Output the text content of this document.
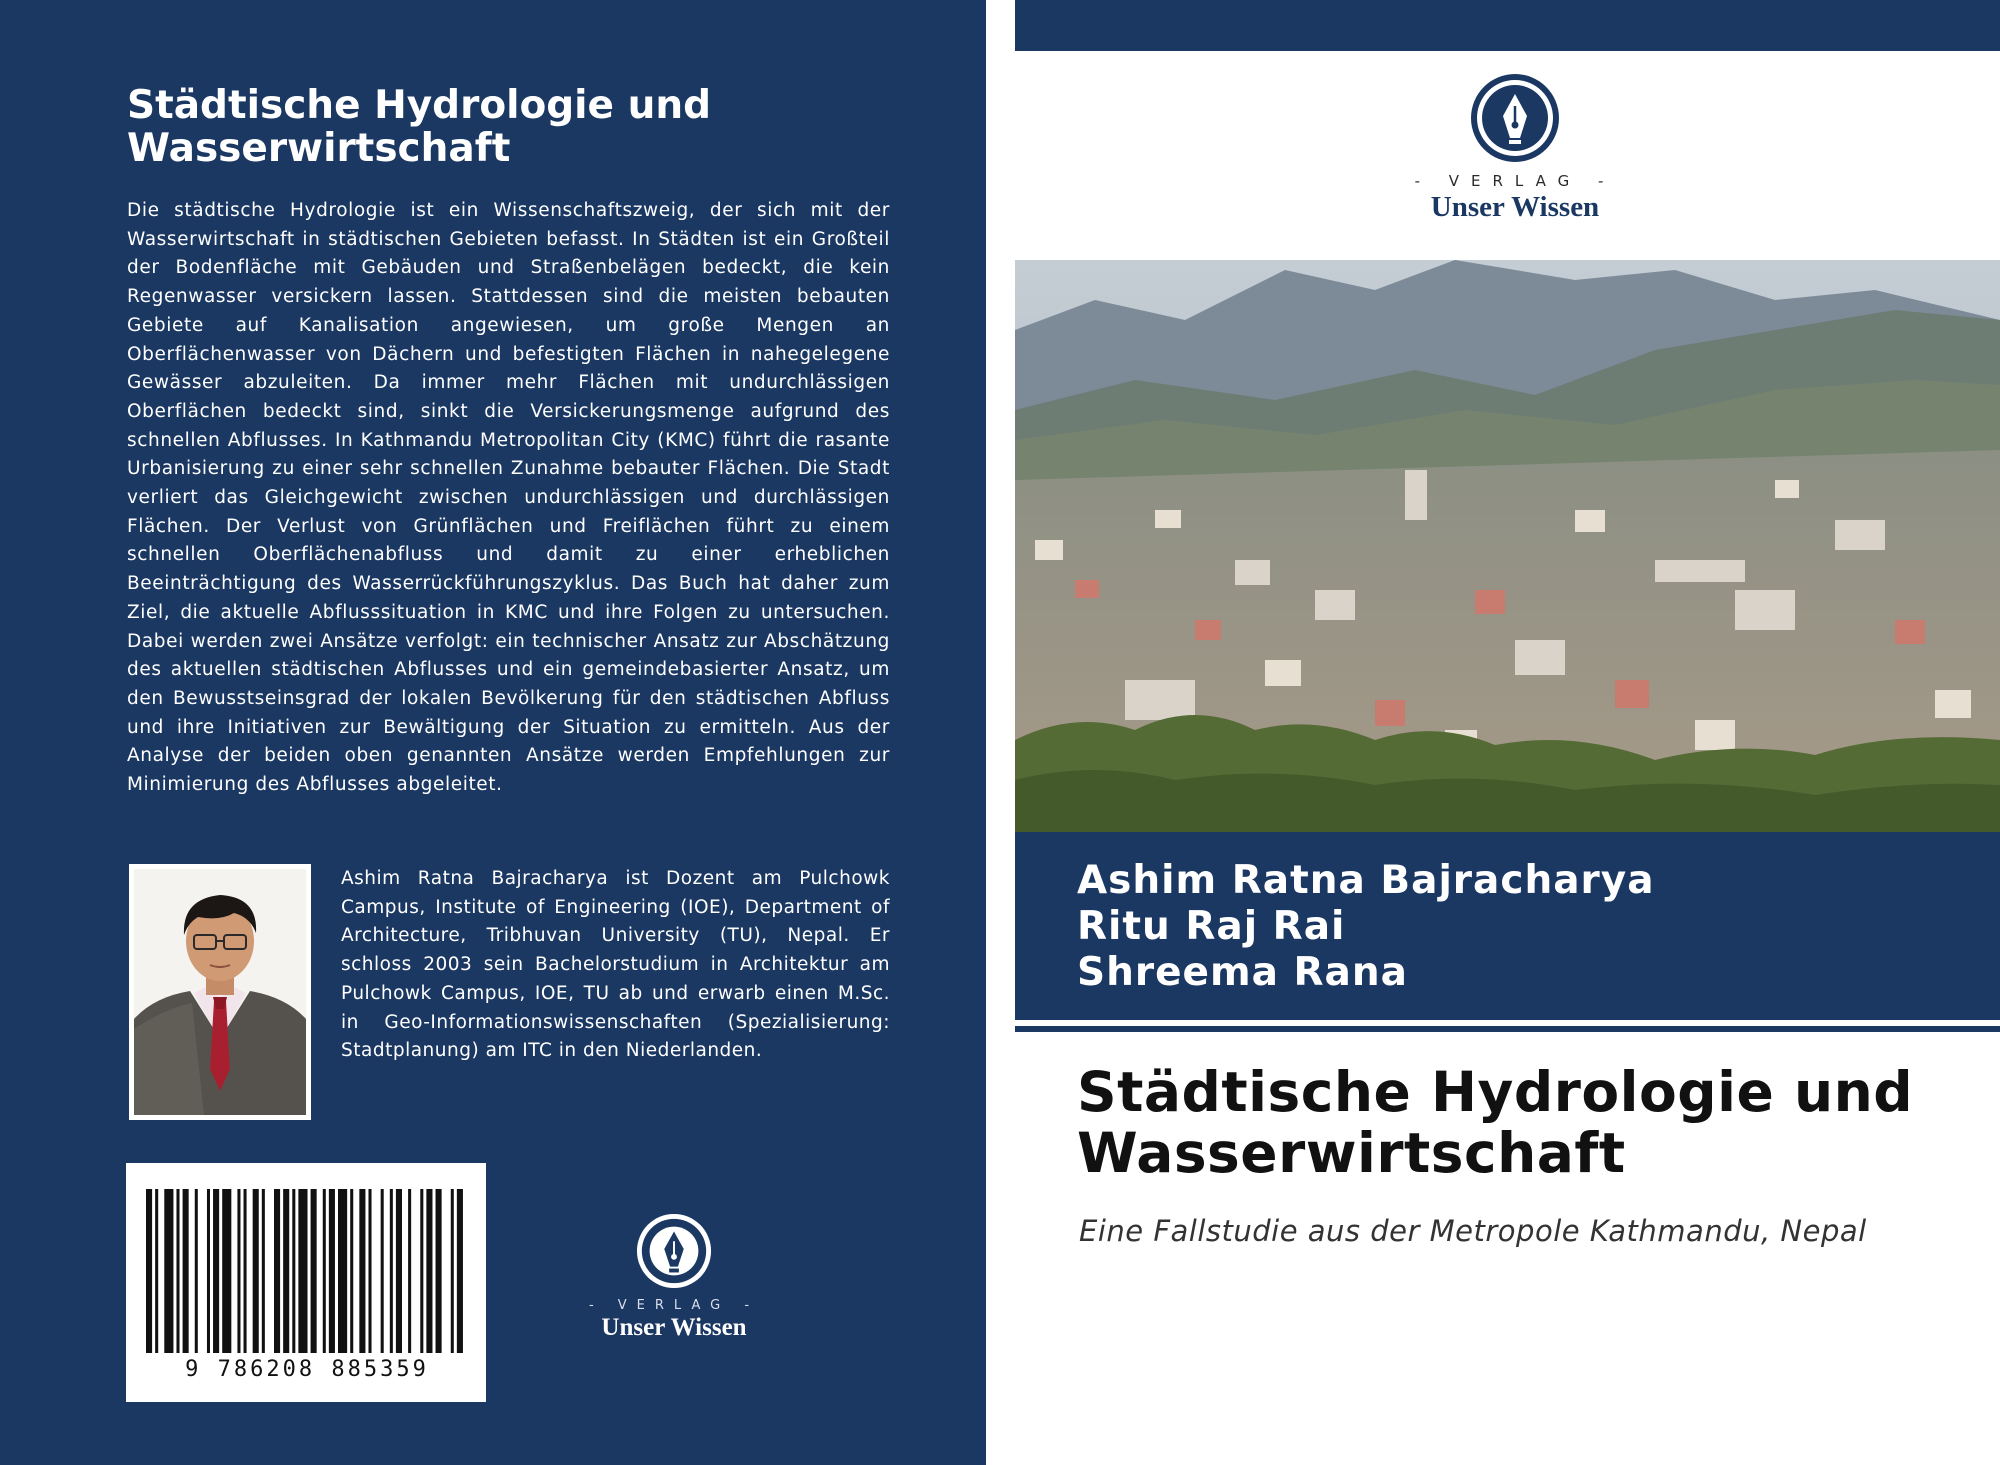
Städtische Hydrologie und Wasserwirtschaft

Die städtische Hydrologie ist ein Wissenschaftszweig, der sich mit der Wasserwirtschaft in städtischen Gebieten befasst. In Städten ist ein Großteil der Bodenfläche mit Gebäuden und Straßenbelägen bedeckt, die kein Regenwasser versickern lassen. Stattdessen sind die meisten bebauten Gebiete auf Kanalisation angewiesen, um große Mengen an Oberflächenwasser von Dächern und befestigten Flächen in nahegelegene Gewässer abzuleiten. Da immer mehr Flächen mit undurchlässigen Oberflächen bedeckt sind, sinkt die Versickerungsmenge aufgrund des schnellen Abflusses. In Kathmandu Metropolitan City (KMC) führt die rasante Urbanisierung zu einer sehr schnellen Zunahme bebauter Flächen. Die Stadt verliert das Gleichgewicht zwischen undurchlässigen und durchlässigen Flächen. Der Verlust von Grünflächen und Freiflächen führt zu einem schnellen Oberflächenabfluss und damit zu einer erheblichen Beeinträchtigung des Wasserrückführungszyklus. Das Buch hat daher zum Ziel, die aktuelle Abflusssituation in KMC und ihre Folgen zu untersuchen. Dabei werden zwei Ansätze verfolgt: ein technischer Ansatz zur Abschätzung des aktuellen städtischen Abflusses und ein gemeindebasierter Ansatz, um den Bewusstseinsgrad der lokalen Bevölkerung für den städtischen Abfluss und ihre Initiativen zur Bewältigung der Situation zu ermitteln. Aus der Analyse der beiden oben genannten Ansätze werden Empfehlungen zur Minimierung des Abflusses abgeleitet.

Ashim Ratna Bajracharya ist Dozent am Pulchowk Campus, Institute of Engineering (IOE), Department of Architecture, Tribhuvan University (TU), Nepal. Er schloss 2003 sein Bachelorstudium in Architektur am Pulchowk Campus, IOE, TU ab und erwarb einen M.Sc. in Geo-Informationswissenschaften (Spezialisierung: Stadtplanung) am ITC in den Niederlanden.

9 786208 885359
- VERLAG -
Unser Wissen
- VERLAG -
Unser Wissen
Ashim Ratna Bajracharya
Ritu Raj Rai
Shreema Rana
Städtische Hydrologie und Wasserwirtschaft

Eine Fallstudie aus der Metropole Kathmandu, Nepal
